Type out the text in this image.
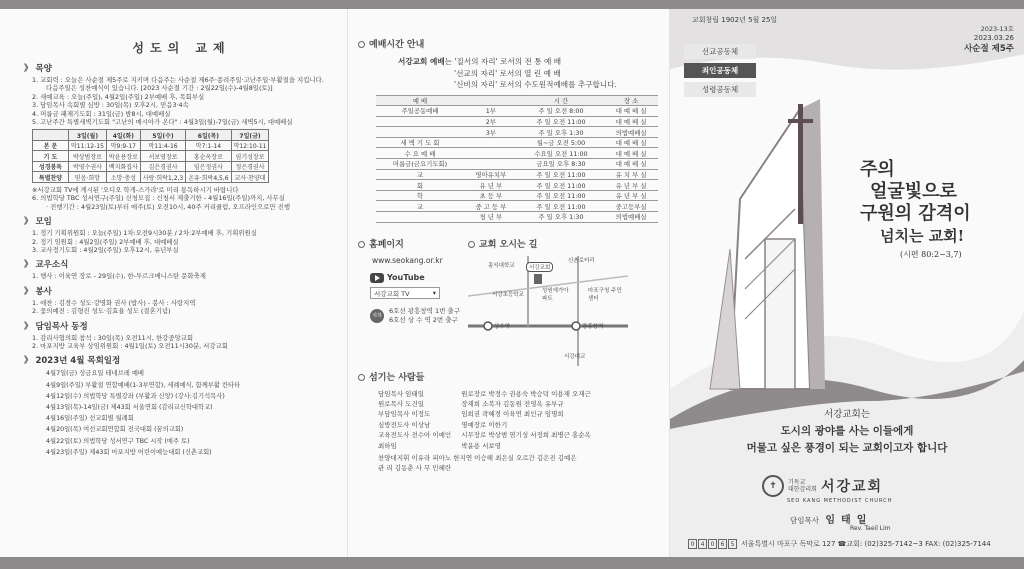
성도의 교제
》 목양
1. 교회력 : 오늘은 사순절 제5주로 지키며 다음주는 사순절 제6주·종려주일·고난주일·부활절을 지킵니다.
다음주일은 성찬예식이 있습니다. [2023 사순절 기간 : 2월22일(수)-4월8일(토)]
2. 새예교육 : 오늘(주일), 4월2일(주일) 2부예배 후, 목회부실
3. 담임목사 속회별 심방 : 30일(목) 오후2시, 믿음3·4속
4. 머릅금 패제기도회 : 31일(금) 밤8시, 대예배실
5. 고난주간 특별새벽기도회 "고난의 메시아가 온다" : 4월3일(월)-7일(금) 새벽5시, 대예배실
	3일(월)	4일(화)	5일(수)	6일(목)	7일(금)
본 문	막11:12-15	막9:9-17	막11:4-16	막7:1-14	막12:10-11
기 도	박상범장로	박윤용장로	서보영장로	홍순옥장로	염기성장로
성경봉독	박영수권사	백지화집사	김은경권사	임은정권사	정은경권사
특별찬양	믿음·희망	소망·충성	사랑·희락1,2,3	온유·희락4,5,6	교사·찬양대
※서강교회 TV에 게시된 '오디오 학개-스가랴'로 미리 통독하시기 바랍니다
6. 의법학당 TBC 성서연구(주일) 신청모집 : 신청서 제출기한 - 4월16일(주일)까지, 사무실
· 진행기간 : 4월23일(토)부터 매주(토) 오전10시, 40주 커리큘럼, 오프라인으로만 진행
》 모임
1. 정기 기획위원회 : 오늘(주일) 1차:오전9시30분 / 2차:2부예배 후, 기획위원실
2. 정기 임원회 : 4월2일(주일) 2부예배 후, 대예배실
3. 교사정기도회 : 4월2일(주일) 오후12시, 유년부실
》 교우소식
1. 행사 : 이육연 장로 - 29일(수), 한-투르크메니스탄 문화축제
》 봉사
1. 애찬 : 김경수 성도·강명화 권사 (밥사) - 봉사 : 사랑지역
2. 꽃의예전 : 김형진 성도·김효율 성도 (결혼기념)
》 담임목사 동정
1. 감리사협의회 참석 : 30일(목) 오전11시, 한강중앙교회
2. 마포지방 교육부 상임위원회 : 4월1일(토) 오전11시30분, 서강교회
》 2023년 4월 목회일정
4월7일(금) 성금요일 테네브레 예배
4월9일(주일) 부활절 연합예배(1-3부연합), 세례예식, 함께부활 칸타타
4월12일(수) 의법학당 특별강좌 (부활과 신앙) (강사:김기석목사)
4월13일(목)-14일(금) 제43회 서울연회 (감리교신학대학교)
4월16일(주일) 선교회별 월례회
4월20일(목) 여선교회연합회 전국대회 (꿈의교회)
4월22일(토) 의법학당 성서연구 TBC 시작 (매주 토)
4월23일(주일) 제43회 마포지방 어린이예능대회 (신촌교회)
예배시간 안내
서강교회 예배는 '질서의 자리' 로서의 전 통 예 배
'선교의 자리' 로서의 열 린 예 배
'신비의 자리' 로서의 수도원적예배를 추구합니다.
예 배		시 간	장 소
주일공동예배	1부	주 일 오전 8:00	대 예 배 실
	2부	주 일 오전 11:00	대 예 배 실
	3부	주 일 오후 1:30	의법예배실
새 벽 기 도 회		월~금 오전 5:00	대 예 배 실
수 요 예 배		수요일 오전 11:00	대 예 배 실
머릅금(금요기도회)		금요일 오후 8:30	대 예 배 실
교	영아유치부	주 일 오전 11:00	유 치 부 실
회	유 년 부	주 일 오전 11:00	유 년 부 실
학	초 등 부	주 일 오전 11:00	유 년 부 실
교	중 고 등 부	주 일 오전 11:00	중고등부실
	청 년 부	주 일 오후 1:30	의법예배실
홈페이지
www.seokang.or.kr
YouTube
서강교회 TV	▾
지하철
6호선 광흥창역 1번 출구
6호선 상 수 역 2번 출구
교회 오시는 길
홍익대학교	서강교회
신촌로터리
서강초등학교
성원에가아파트
마포구청 주민센터
상수역	광흥창역
서강대교
섬기는 사람들
담임목사 임태일
원로목사 도건일
부담임목사 이정도
심방전도사 이상남
교육전도사 전수아 이예인
최하임
원로장로 박정수 권용숙 박승덕 이용재 오재근
장재희 소복자 김동원 전영옥 유부규
임희권 곽혜경 이육연 최인규 임명희
명예장로 이한기
시무장로 박상범 염기성 서정희 최병근 홍순옥
박윤용 서보영
찬양대지휘 이유라 피아노 한지연 이승해 최은실 오르간 김은진 김예은
관 리 김동춘 사 무 민혜란
교회창립 1902년 5월 25일
2023-13호
2023.03.26
사순절 제5주
선교공동체
죄인공동체
성령공동체
주의
얼굴빛으로
구원의 감격이
넘치는 교회!
(시편 80:2~3,7)
서강교회는
도시의 광야를 사는 이들에게
머물고 싶은 풍경이 되는 교회이고자 합니다
✝	기독교
대한감리회 서강교회
SEO KANG METHODIST CHURCH
담임목사 임태일
Rev. Taeil Lim
0	4	0	6	5 서울특별시 마포구 독막로 127 ☎교회: (02)325-7142~3 FAX: (02)325-7144
